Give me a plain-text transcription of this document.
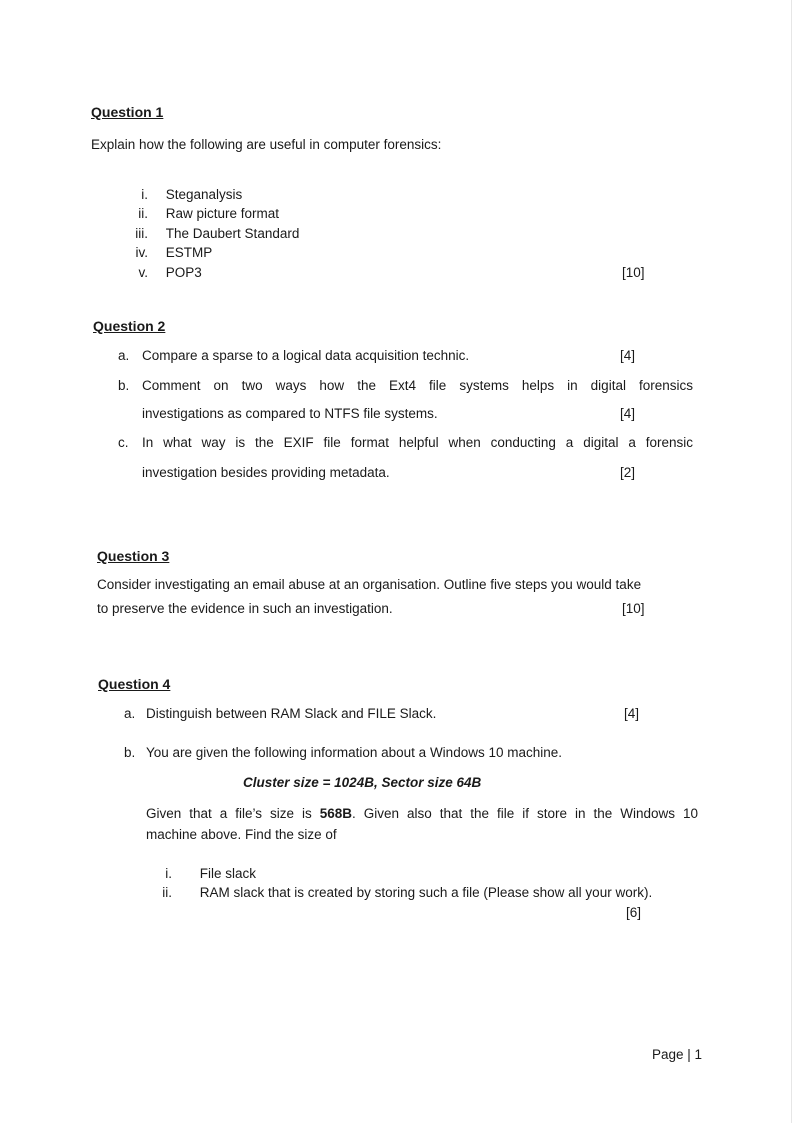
Question 1
Explain how the following are useful in computer forensics:
i. Steganalysis
ii. Raw picture format
iii. The Daubert Standard
iv. ESTMP
v. POP3	[10]
Question 2
a. Compare a sparse to a logical data acquisition technic.	[4]
b. Comment on two ways how the Ext4 file systems helps in digital forensics
investigations as compared to NTFS file systems.	[4]
c. In what way is the EXIF file format helpful when conducting a digital a forensic
investigation besides providing metadata.	[2]
Question 3
Consider investigating an email abuse at an organisation. Outline five steps you would take
to preserve the evidence in such an investigation.	[10]
Question 4
a. Distinguish between RAM Slack and FILE Slack.	[4]
b. You are given the following information about a Windows 10 machine.
Cluster size = 1024B, Sector size 64B
Given that a file’s size is 568B. Given also that the file if store in the Windows 10
machine above. Find the size of
i. File slack
ii. RAM slack that is created by storing such a file (Please show all your work).
[6]
Page | 1
